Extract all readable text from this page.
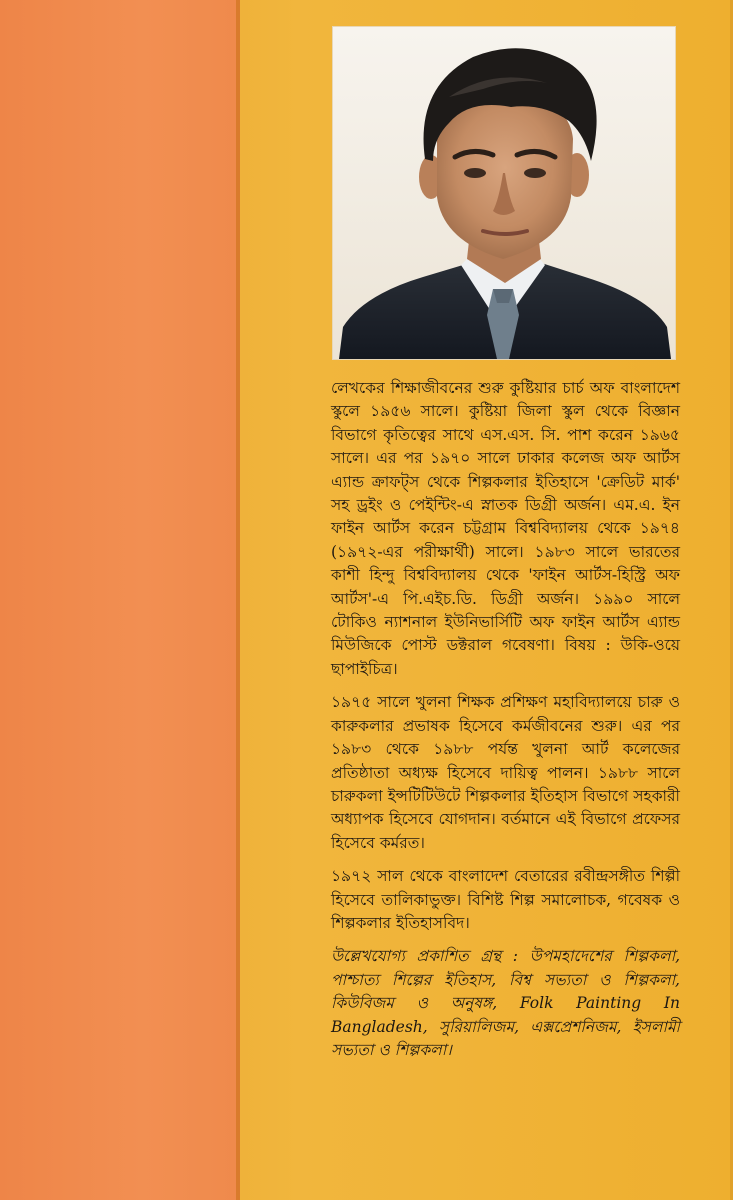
লেখকের শিক্ষাজীবনের শুরু কুষ্টিয়ার চার্চ অফ বাংলাদেশ স্কুলে ১৯৫৬ সালে। কুষ্টিয়া জিলা স্কুল থেকে বিজ্ঞান বিভাগে কৃতিত্বের সাথে এস.এস. সি. পাশ করেন ১৯৬৫ সালে। এর পর ১৯৭০ সালে ঢাকার কলেজ অফ আর্টস এ্যান্ড ক্রাফট্স থেকে শিল্পকলার ইতিহাসে 'ক্রেডিট মার্ক' সহ ড্রইং ও পেইন্টিং-এ স্নাতক ডিগ্রী অর্জন। এম.এ. ইন ফাইন আর্টস করেন চট্টগ্রাম বিশ্ববিদ্যালয় থেকে ১৯৭৪ (১৯৭২-এর পরীক্ষার্থী) সালে। ১৯৮৩ সালে ভারতের কাশী হিন্দু বিশ্ববিদ্যালয় থেকে 'ফাইন আর্টস-হিস্ট্রি অফ আর্টস'-এ পি.এইচ.ডি. ডিগ্রী অর্জন। ১৯৯০ সালে টোকিও ন্যাশনাল ইউনিভার্সিটি অফ ফাইন আর্টস এ্যান্ড মিউজিকে পোস্ট ডক্টরাল গবেষণা। বিষয় : উকি-ওয়ে ছাপাইচিত্র।

১৯৭৫ সালে খুলনা শিক্ষক প্রশিক্ষণ মহাবিদ্যালয়ে চারু ও কারুকলার প্রভাষক হিসেবে কর্মজীবনের শুরু। এর পর ১৯৮৩ থেকে ১৯৮৮ পর্যন্ত খুলনা আর্ট কলেজের প্রতিষ্ঠাতা অধ্যক্ষ হিসেবে দায়িত্ব পালন। ১৯৮৮ সালে চারুকলা ইন্সটিটিউটে শিল্পকলার ইতিহাস বিভাগে সহকারী অধ্যাপক হিসেবে যোগদান। বর্তমানে এই বিভাগে প্রফেসর হিসেবে কর্মরত।

১৯৭২ সাল থেকে বাংলাদেশ বেতারের রবীন্দ্রসঙ্গীত শিল্পী হিসেবে তালিকাভুক্ত। বিশিষ্ট শিল্প সমালোচক, গবেষক ও শিল্পকলার ইতিহাসবিদ।

উল্লেখযোগ্য প্রকাশিত গ্রন্থ : উপমহাদেশের শিল্পকলা, পাশ্চাত্য শিল্পের ইতিহাস, বিশ্ব সভ্যতা ও শিল্পকলা, কিউবিজম ও অনুষঙ্গ, Folk Painting In Bangladesh, সুরিয়ালিজম, এক্সপ্রেশনিজম, ইসলামী সভ্যতা ও শিল্পকলা।
